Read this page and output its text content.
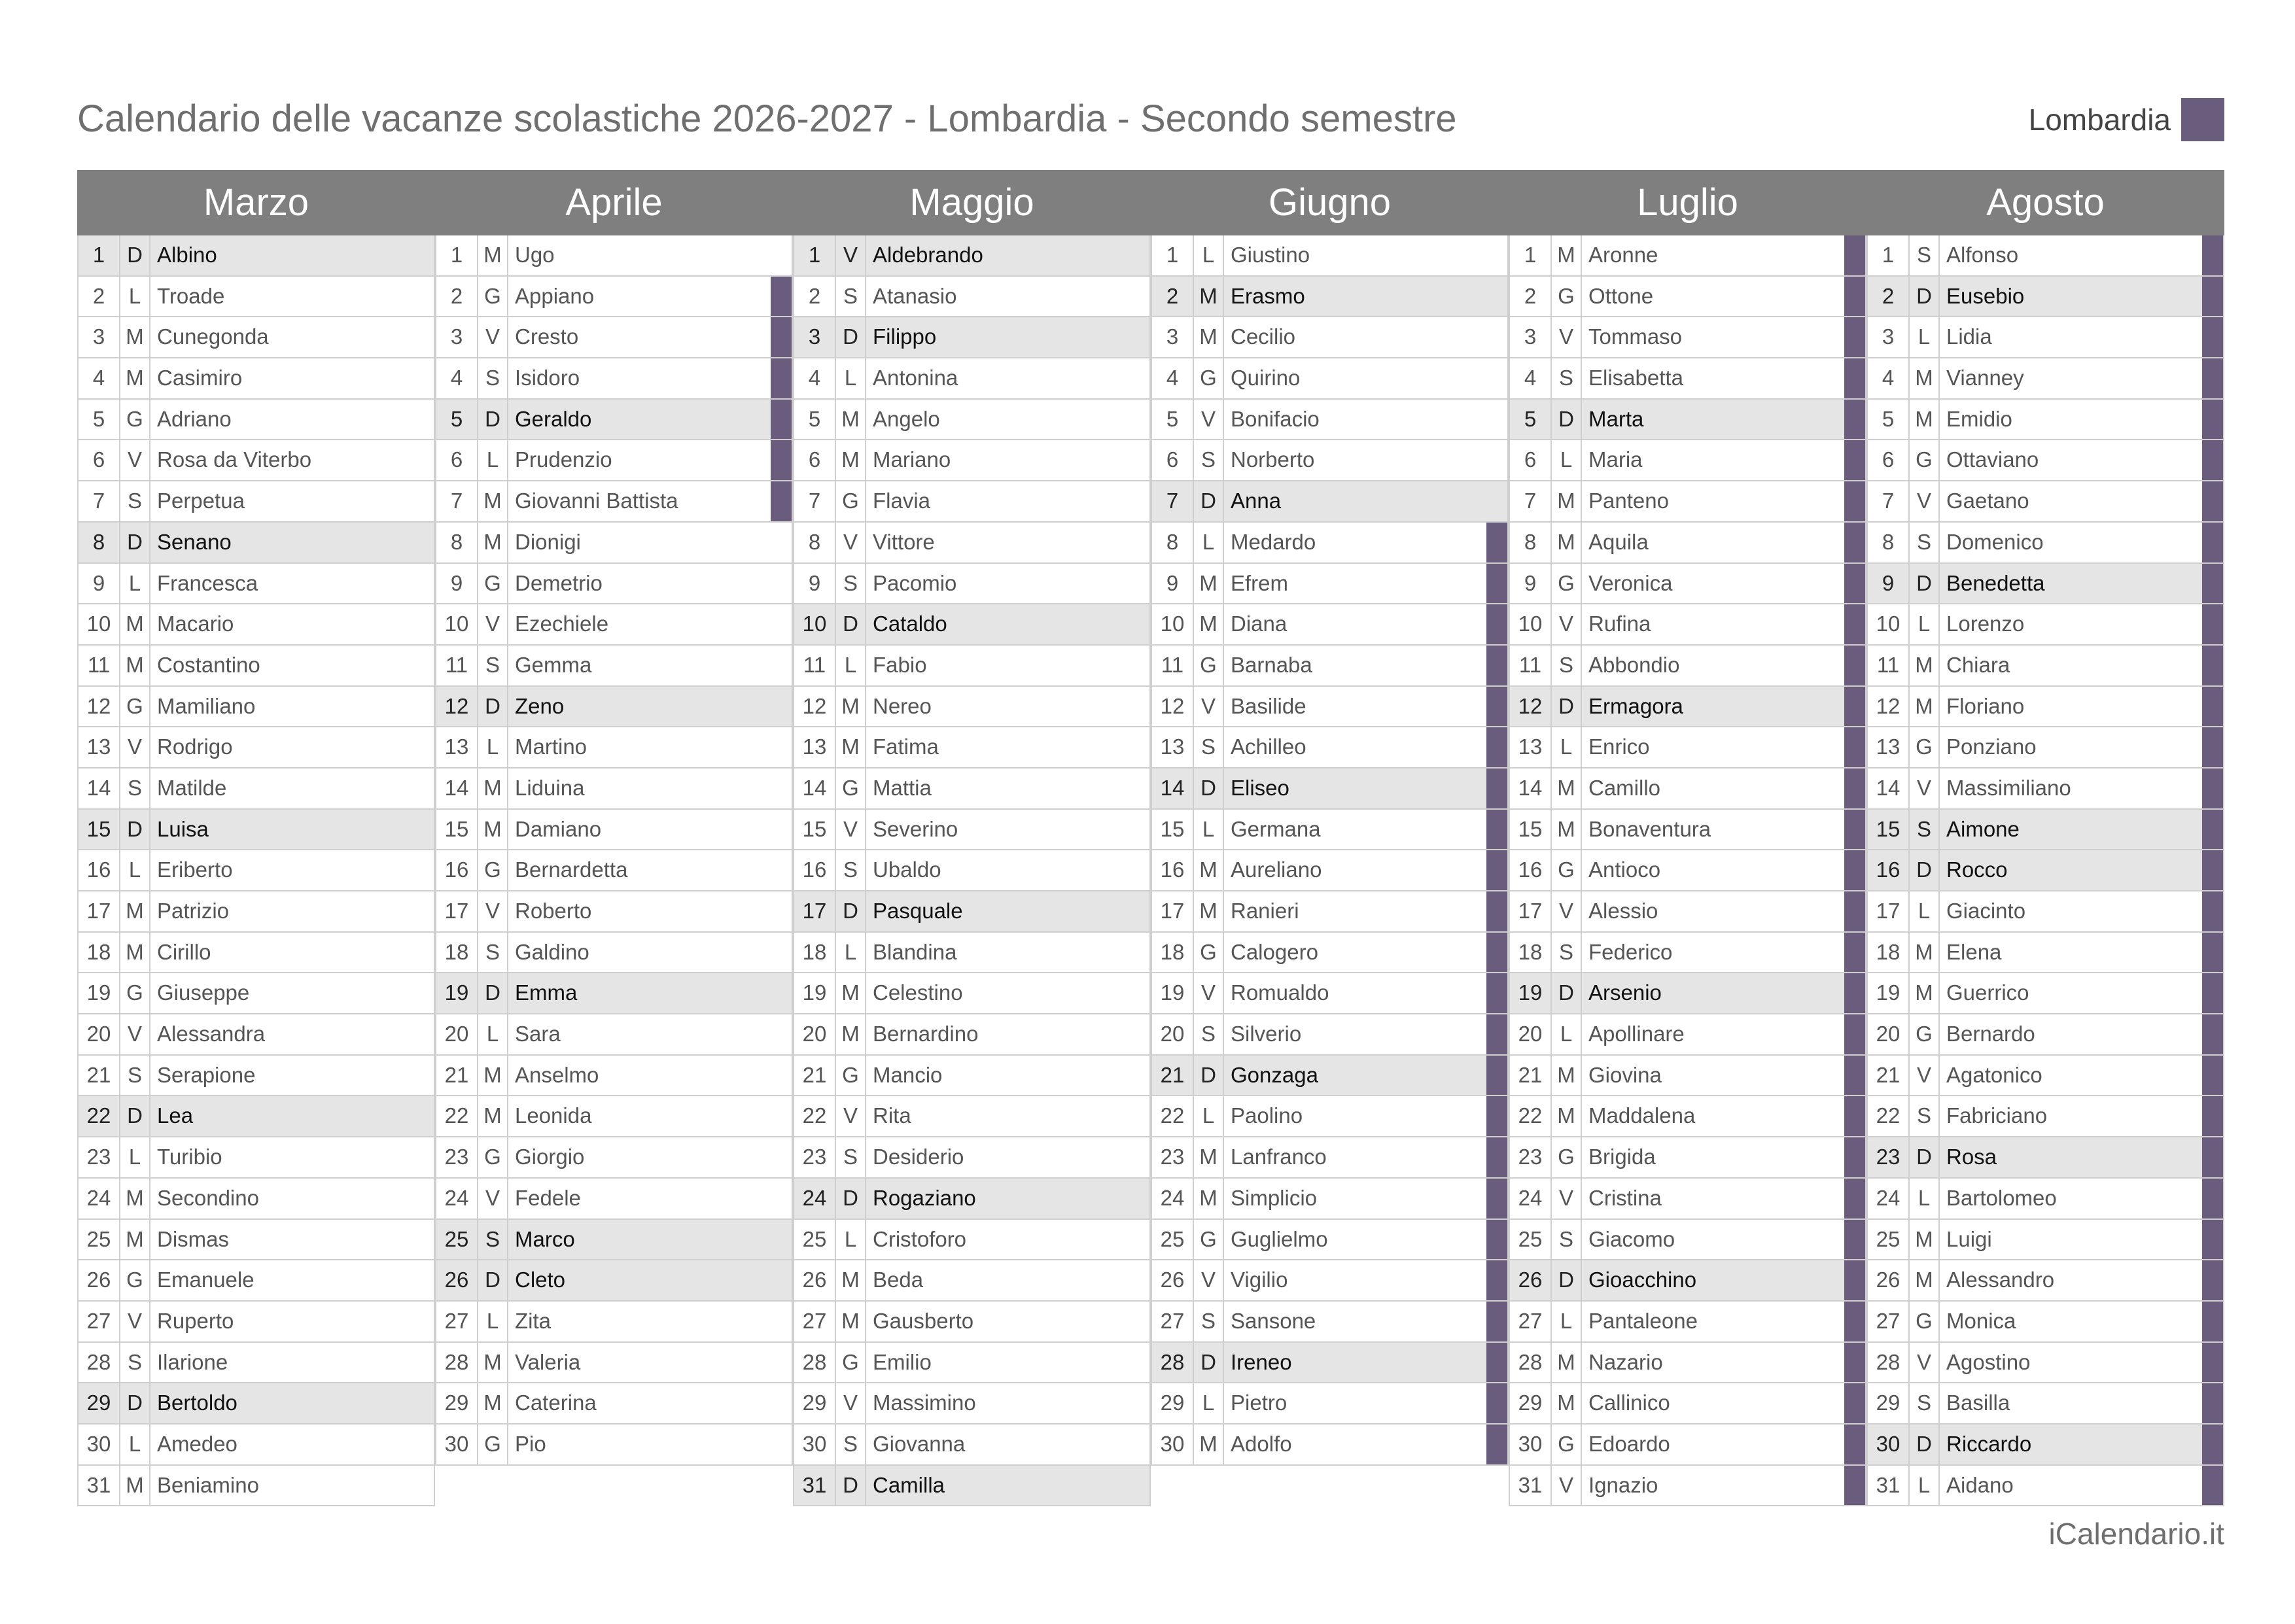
Calendario delle vacanze scolastiche 2026-2027 - Lombardia - Secondo semestre	Lombardia
Marzo
1	D Albino
2	L Troade
3 M Cunegonda
4 M Casimiro
5 G Adriano
6	V Rosa da Viterbo
7	S Perpetua
8	D Senano
9	L Francesca
10 M Macario
11 M Costantino
12 G Mamiliano
13 V Rodrigo
14 S Matilde
15 D Luisa
16 L Eriberto
17 M Patrizio
18 M Cirillo
19 G Giuseppe
20 V Alessandra
21 S Serapione
22 D Lea
23 L Turibio
24 M Secondino
25 M Dismas
26 G Emanuele
27 V Ruperto
28 S Ilarione
29 D Bertoldo
30 L Amedeo
31 M Beniamino
Aprile
1 M Ugo
2 G Appiano
3	V Cresto
4	S Isidoro
5	D Geraldo
6	L Prudenzio
7 M Giovanni Battista
8 M Dionigi
9 G Demetrio
10 V Ezechiele
11 S Gemma
12 D Zeno
13 L Martino
14 M Liduina
15 M Damiano
16 G Bernardetta
17 V Roberto
18 S Galdino
19 D Emma
20 L Sara
21 M Anselmo
22 M Leonida
23 G Giorgio
24 V Fedele
25 S Marco
26 D Cleto
27 L Zita
28 M Valeria
29 M Caterina
30 G Pio
Maggio
1	V Aldebrando
2	S Atanasio
3	D Filippo
4	L Antonina
5 M Angelo
6 M Mariano
7 G Flavia
8	V Vittore
9	S Pacomio
10 D Cataldo
11 L Fabio
12 M Nereo
13 M Fatima
14 G Mattia
15 V Severino
16 S Ubaldo
17 D Pasquale
18 L Blandina
19 M Celestino
20 M Bernardino
21 G Mancio
22 V Rita
23 S Desiderio
24 D Rogaziano
25 L Cristoforo
26 M Beda
27 M Gausberto
28 G Emilio
29 V Massimino
30 S Giovanna
31 D Camilla
Giugno
1	L Giustino
2 M Erasmo
3 M Cecilio
4 G Quirino
5	V Bonifacio
6	S Norberto
7	D Anna
8	L Medardo
9 M Efrem
10 M Diana
11 G Barnaba
12 V Basilide
13 S Achilleo
14 D Eliseo
15 L Germana
16 M Aureliano
17 M Ranieri
18 G Calogero
19 V Romualdo
20 S Silverio
21 D Gonzaga
22 L Paolino
23 M Lanfranco
24 M Simplicio
25 G Guglielmo
26 V Vigilio
27 S Sansone
28 D Ireneo
29 L Pietro
30 M Adolfo
Luglio
1 M Aronne
2 G Ottone
3	V Tommaso
4	S Elisabetta
5	D Marta
6	L Maria
7 M Panteno
8 M Aquila
9 G Veronica
10 V Rufina
11 S Abbondio
12 D Ermagora
13 L Enrico
14 M Camillo
15 M Bonaventura
16 G Antioco
17 V Alessio
18 S Federico
19 D Arsenio
20 L Apollinare
21 M Giovina
22 M Maddalena
23 G Brigida
24 V Cristina
25 S Giacomo
26 D Gioacchino
27 L Pantaleone
28 M Nazario
29 M Callinico
30 G Edoardo
31 V Ignazio
Agosto
1	S Alfonso
2	D Eusebio
3	L Lidia
4 M Vianney
5 M Emidio
6 G Ottaviano
7	V Gaetano
8	S Domenico
9	D Benedetta
10 L Lorenzo
11 M Chiara
12 M Floriano
13 G Ponziano
14 V Massimiliano
15 S Aimone
16 D Rocco
17 L Giacinto
18 M Elena
19 M Guerrico
20 G Bernardo
21 V Agatonico
22 S Fabriciano
23 D Rosa
24 L Bartolomeo
25 M Luigi
26 M Alessandro
27 G Monica
28 V Agostino
29 S Basilla
30 D Riccardo
31 L Aidano
iCalendario.it
